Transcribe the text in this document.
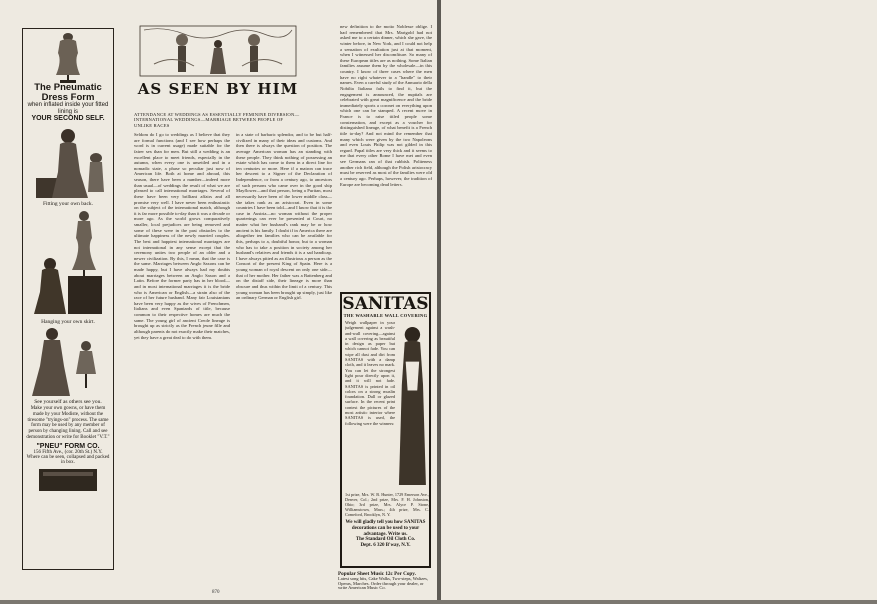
The Pneumatic Dress Form
when inflated inside your fitted lining is
YOUR SECOND SELF.
Fitting your own back.
Hanging your own skirt.
See yourself as others see you.
Make your own gowns, or have them made by your Modiste, without the tiresome "tryings-on" process. The same form may be used by any member of person by changing lining. Call and see demonstration or write for Booklet "V.T."
"PNEU" FORM CO.
156 Fifth Ave., (cor. 20th St.) N.Y.
Where can be seen, collapsed and packed in box.
AS SEEN BY HIM
ATTENDANCE AT WEDDINGS AS ESSENTIALLY FEMININE DIVERSION—INTERNATIONAL WEDDINGS—MARRIAGE BETWEEN PEOPLE OF UNLIKE RACES
Seldom do I go to weddings as I believe that they are formal functions (and I see how perhaps the word is in current usage) made suitable for the fairer sex than for men. But still a wedding is an excellent place to meet friends, especially in the autumn, when every one is unsettled and in a nomadic state, a phase so peculiar just now of American life. Both at home and abroad, this season, there have been a number—indeed more than usual—of weddings the result of what we are pleased to call international marriages. Several of these have been very brilliant affairs and all promise very well. I have never been enthusiastic on the subject of the international match, although it is far more possible to-day than it was a decade or more ago. As the world grows comparatively smaller, local prejudices are being removed and some of these were in the past obstacles to the ultimate happiness of the newly married couples. The best and happiest international marriages are not international in any sense except that the ceremony unites two people of an older and a newer civilization. By this, I mean, that the case is the same. Marriages between Anglo Saxons can be made happy, but I have always had my doubts about marriages between an Anglo Saxon and a Latin. Before the former party has in her blood—and in most international marriages it is the bride who is American or English—a strain also of the race of her future husband. Many fair Louisianians have been very happy as the wives of Frenchmen, Italians and even Spaniards of title, because common to their respective homes are much the same. The young girl of ancient Creole lineage is brought up as strictly as the French jeune fille and although parents do not exactly make their matches, yet they have a great deal to do with them.
in a state of barbaric splendor, and to be but half-civilized in many of their ideas and customs. And then there is always the question of position. The average American woman has an standing with these people. They think nothing of possessing an estate which has come to them in a direct line for ten centuries or more. Here if a matron can trace her descent to a Signer of the Declaration of Independence, or from a century ago, to ancestors of such persons who came over in the good ship Mayflower—and that person, being a Puritan, most necessarily have been of the lower middle class—she takes rank as an aristocrat. Even in some countries I have been told—and I know that it is the case in Austria—no woman without the proper quarterings can ever be presented at Court, no matter what her husband's rank may be or how ancient is his family. I doubt if in America there are altogether ten families who can be available for this, perhaps to a, doubtful honor, but to a woman who has to take a position in society among her husband's relatives and friends it is a sad handicap. I have always pitied as an illustrious a person as the Consort of the present King of Spain. Here is a young woman of royal descent on only one side—that of her mother. Her father was a Battenberg and on the distaff side, their lineage is more than obscure and thus within the limit of a century. This young woman has been brought up simply, just like an ordinary German or English girl.
new definition to the motto Noblesse oblige. I had remembered that Mrs. Marigold had not asked me to a certain dinner, which she gave, the winter before, in New York, and I could not help a sensation of exultation just at that moment, when I witnessed her discomfiture. So many of these European titles are as nothing. Some Italian families assume them by the wholesale—in this country. I know of three cases where the men have no right whatever to a "handle" to their names. Even a careful study of the Annuario della Nobilta Italiana fails to find it, but the engagement is announced, the nuptials are celebrated with great magnificence and the bride immediately sports a coronet on everything upon which one can be stamped. A recent move in France is to raise titled people some consternation, and except as a voucher for distinguished lineage, of what benefit is a French title to-day? And not mind the remember that many which were given by the two Napoleons and even Louis Philip was not gilded in this regard. Papal titles are very thick and it seems to me that every other Rome I have met and even see Germans ran of that rubbish. Politeness another rich field, although the Polish aristocracy must be reserved as most of the families were old a century ago. Perhaps, however, the tradition of Europe are becoming dead letters.
SANITAS
THE WASHABLE WALL COVERING
Weigh wallpaper in your judgement against a wash-and-wall covering—against a wall covering as beautiful in design as paper but which cannot fade. You can wipe all dust and dirt from SANITAS with a damp cloth, and it leaves no mark. You can let the strongest light pour directly upon it, and it will not fade. SANITAS is printed in oil colors on a strong muslin foundation. Dull or glazed surface. In the recent print contest the pictures of the most artistic interior where SANITAS is used, the following were the winners:
1st prize, Mrs. W. B. Hunter, 1729 Emerson Ave., Denver, Col.; 2nd prize, Mrs. F. H. Johnston, Ohio; 3rd prize, Mrs. Alyce P. Stone, Williamstown, Mass.; 4th prize, Mrs. C. Comeford, Brooklyn, N. Y.
We will gladly tell you how SANITAS decorations can be used to your advantage. Write us.
The Standard Oil Cloth Co.
Dept. 6 320 B'way, N.Y.
Popular Sheet Music 12c Per Copy.
Latest song hits, Cake Walks, Two-steps, Waltzes, Operas, Marches. Order through your dealer, or write American Music Co.
870
